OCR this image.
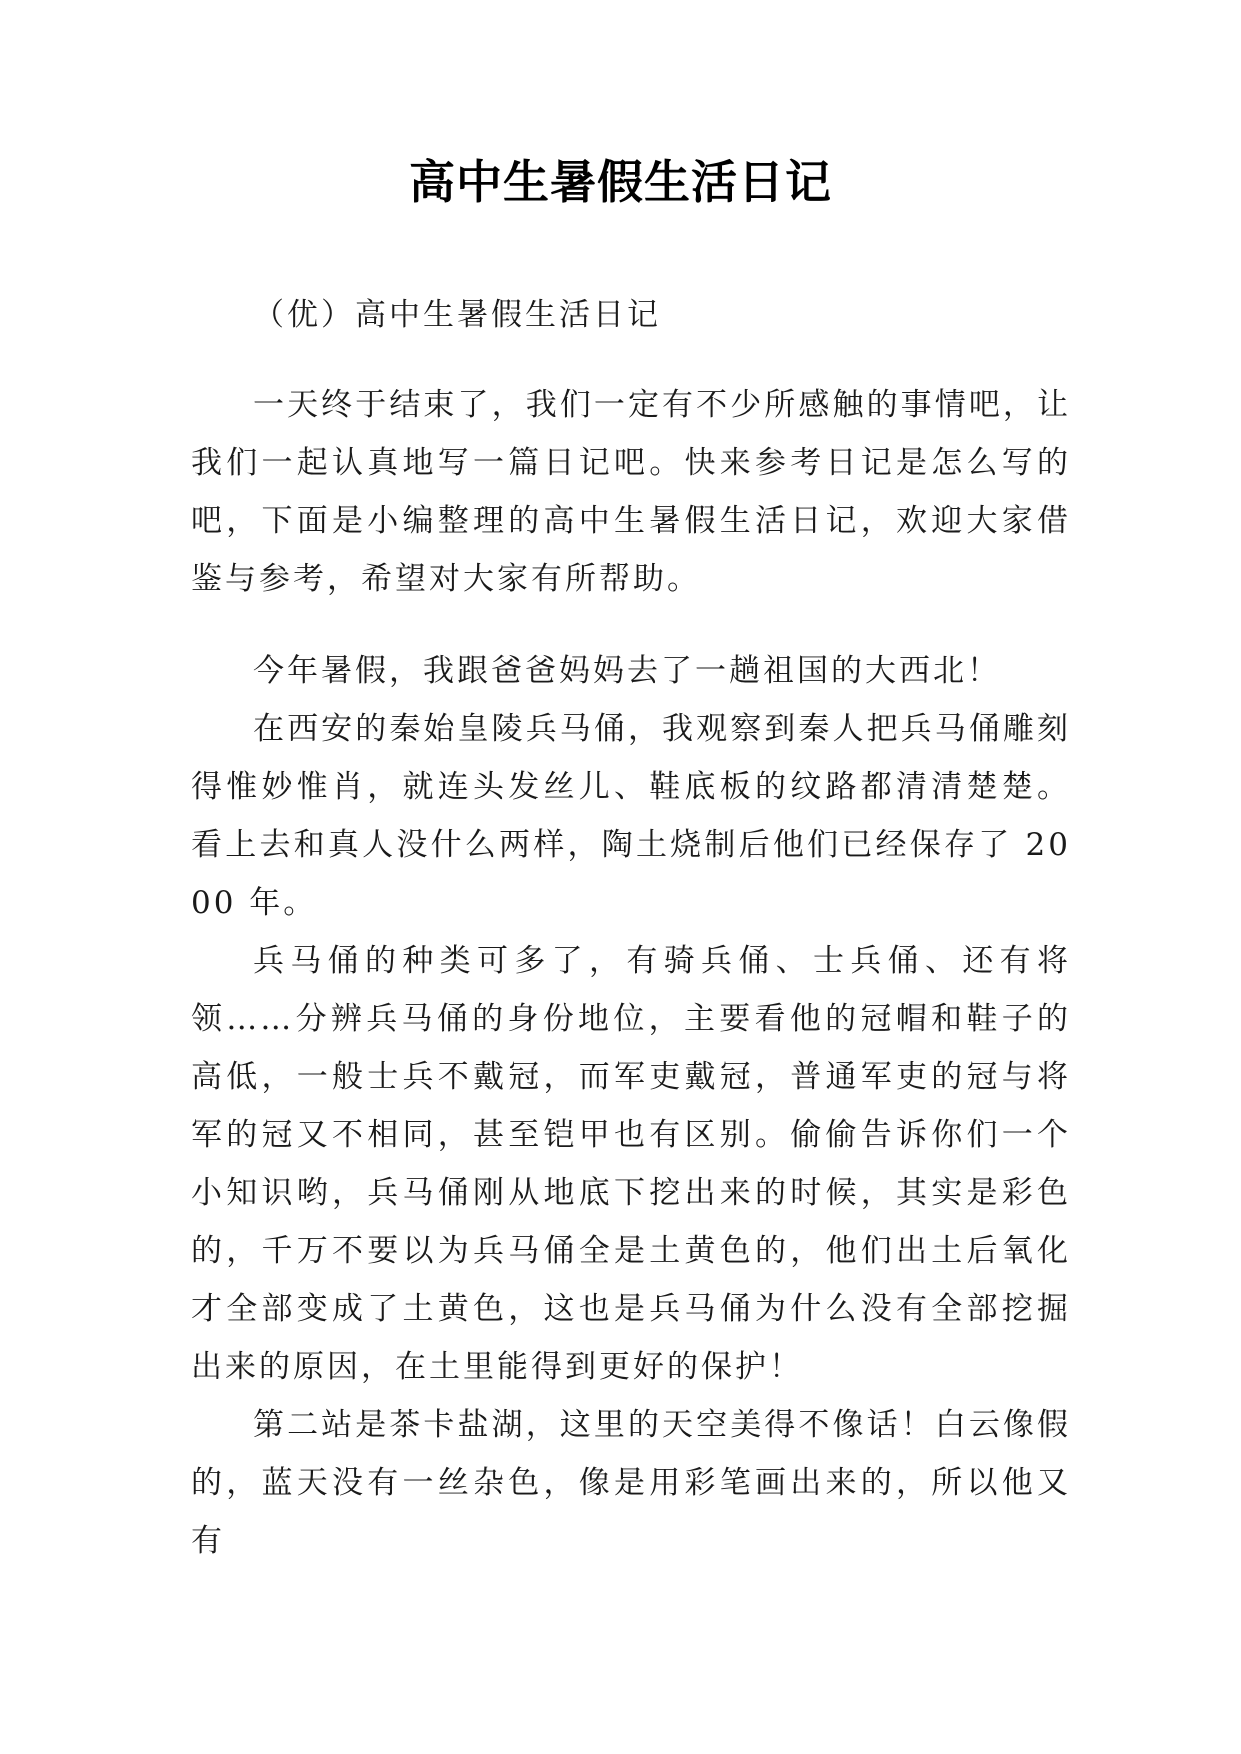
高中生暑假生活日记

（优）高中生暑假生活日记

一天终于结束了，我们一定有不少所感触的事情吧，让我们一起认真地写一篇日记吧。快来参考日记是怎么写的吧，下面是小编整理的高中生暑假生活日记，欢迎大家借鉴与参考，希望对大家有所帮助。

今年暑假，我跟爸爸妈妈去了一趟祖国的大西北！

在西安的秦始皇陵兵马俑，我观察到秦人把兵马俑雕刻得惟妙惟肖，就连头发丝儿、鞋底板的纹路都清清楚楚。看上去和真人没什么两样，陶土烧制后他们已经保存了 2000 年。

兵马俑的种类可多了，有骑兵俑、士兵俑、还有将领……分辨兵马俑的身份地位，主要看他的冠帽和鞋子的高低，一般士兵不戴冠，而军吏戴冠，普通军吏的冠与将军的冠又不相同，甚至铠甲也有区别。偷偷告诉你们一个小知识哟，兵马俑刚从地底下挖出来的时候，其实是彩色的，千万不要以为兵马俑全是土黄色的，他们出土后氧化才全部变成了土黄色，这也是兵马俑为什么没有全部挖掘出来的原因，在土里能得到更好的保护！

第二站是茶卡盐湖，这里的天空美得不像话！白云像假的，蓝天没有一丝杂色，像是用彩笔画出来的，所以他又有
